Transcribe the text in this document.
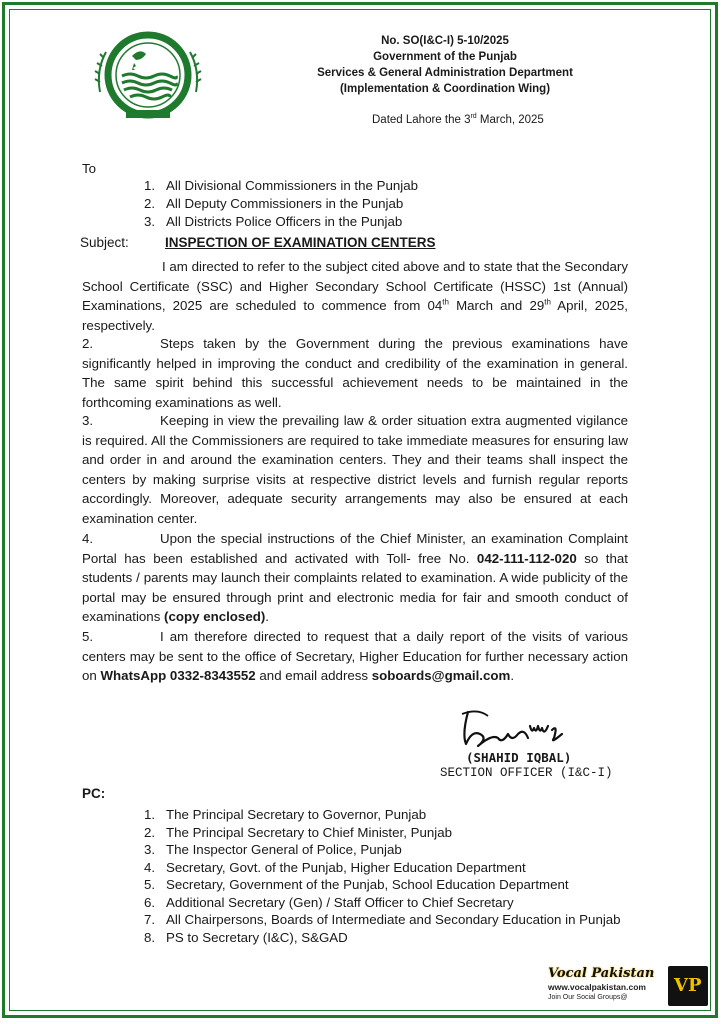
No. SO(I&C-I) 5-10/2025
Government of the Punjab
Services & General Administration Department
(Implementation & Coordination Wing)
Dated Lahore the 3rd March, 2025
To
1. All Divisional Commissioners in the Punjab
2. All Deputy Commissioners in the Punjab
3. All Districts Police Officers in the Punjab
Subject:	INSPECTION OF EXAMINATION CENTERS
I am directed to refer to the subject cited above and to state that the Secondary School Certificate (SSC) and Higher Secondary School Certificate (HSSC) 1st (Annual) Examinations, 2025 are scheduled to commence from 04th March and 29th April, 2025, respectively.
2.	Steps taken by the Government during the previous examinations have significantly helped in improving the conduct and credibility of the examination in general. The same spirit behind this successful achievement needs to be maintained in the forthcoming examinations as well.
3.	Keeping in view the prevailing law & order situation extra augmented vigilance is required. All the Commissioners are required to take immediate measures for ensuring law and order in and around the examination centers. They and their teams shall inspect the centers by making surprise visits at respective district levels and furnish regular reports accordingly. Moreover, adequate security arrangements may also be ensured at each examination center.
4.	Upon the special instructions of the Chief Minister, an examination Complaint Portal has been established and activated with Toll- free No. 042-111-112-020 so that students / parents may launch their complaints related to examination. A wide publicity of the portal may be ensured through print and electronic media for fair and smooth conduct of examinations (copy enclosed).
5.	I am therefore directed to request that a daily report of the visits of various centers may be sent to the office of Secretary, Higher Education for further necessary action on WhatsApp 0332-8343552 and email address soboards@gmail.com.
(SHAHID IQBAL)
SECTION OFFICER (I&C-I)
PC:
1. The Principal Secretary to Governor, Punjab
2. The Principal Secretary to Chief Minister, Punjab
3. The Inspector General of Police, Punjab
4. Secretary, Govt. of the Punjab, Higher Education Department
5. Secretary, Government of the Punjab, School Education Department
6. Additional Secretary (Gen) / Staff Officer to Chief Secretary
7. All Chairpersons, Boards of Intermediate and Secondary Education in Punjab
8. PS to Secretary (I&C), S&GAD
Vocal Pakistan
www.vocalpakistan.com
Join Our Social Groups@
VP
